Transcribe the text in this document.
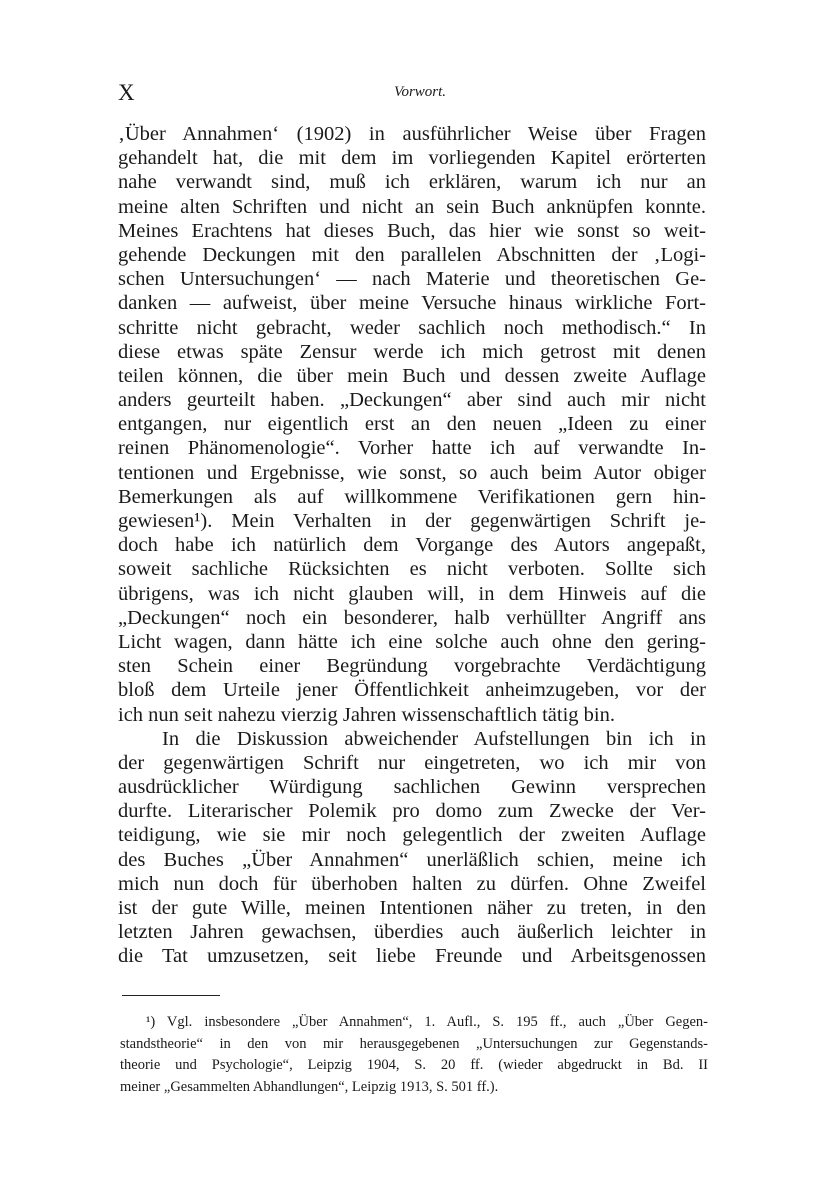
X	Vorwort.
‚Über Annahmen‘ (1902) in ausführlicher Weise über Fragen
gehandelt hat, die mit dem im vorliegenden Kapitel erörterten
nahe verwandt sind, muß ich erklären, warum ich nur an
meine alten Schriften und nicht an sein Buch anknüpfen konnte.
Meines Erachtens hat dieses Buch, das hier wie sonst so weit-
gehende Deckungen mit den parallelen Abschnitten der ‚Logi-
schen Untersuchungen‘ — nach Materie und theoretischen Ge-
danken — aufweist, über meine Versuche hinaus wirkliche Fort-
schritte nicht gebracht, weder sachlich noch methodisch.“ In
diese etwas späte Zensur werde ich mich getrost mit denen
teilen können, die über mein Buch und dessen zweite Auflage
anders geurteilt haben. „Deckungen“ aber sind auch mir nicht
entgangen, nur eigentlich erst an den neuen „Ideen zu einer
reinen Phänomenologie“. Vorher hatte ich auf verwandte In-
tentionen und Ergebnisse, wie sonst, so auch beim Autor obiger
Bemerkungen als auf willkommene Verifikationen gern hin-
gewiesen¹). Mein Verhalten in der gegenwärtigen Schrift je-
doch habe ich natürlich dem Vorgange des Autors angepaßt,
soweit sachliche Rücksichten es nicht verboten. Sollte sich
übrigens, was ich nicht glauben will, in dem Hinweis auf die
„Deckungen“ noch ein besonderer, halb verhüllter Angriff ans
Licht wagen, dann hätte ich eine solche auch ohne den gering-
sten Schein einer Begründung vorgebrachte Verdächtigung
bloß dem Urteile jener Öffentlichkeit anheimzugeben, vor der
ich nun seit nahezu vierzig Jahren wissenschaftlich tätig bin.
In die Diskussion abweichender Aufstellungen bin ich in
der gegenwärtigen Schrift nur eingetreten, wo ich mir von
ausdrücklicher Würdigung sachlichen Gewinn versprechen
durfte. Literarischer Polemik pro domo zum Zwecke der Ver-
teidigung, wie sie mir noch gelegentlich der zweiten Auflage
des Buches „Über Annahmen“ unerläßlich schien, meine ich
mich nun doch für überhoben halten zu dürfen. Ohne Zweifel
ist der gute Wille, meinen Intentionen näher zu treten, in den
letzten Jahren gewachsen, überdies auch äußerlich leichter in
die Tat umzusetzen, seit liebe Freunde und Arbeitsgenossen
¹) Vgl. insbesondere „Über Annahmen“, 1. Aufl., S. 195 ff., auch „Über Gegen-
standstheorie“ in den von mir herausgegebenen „Untersuchungen zur Gegenstands-
theorie und Psychologie“, Leipzig 1904, S. 20 ff. (wieder abgedruckt in Bd. II
meiner „Gesammelten Abhandlungen“, Leipzig 1913, S. 501 ff.).
